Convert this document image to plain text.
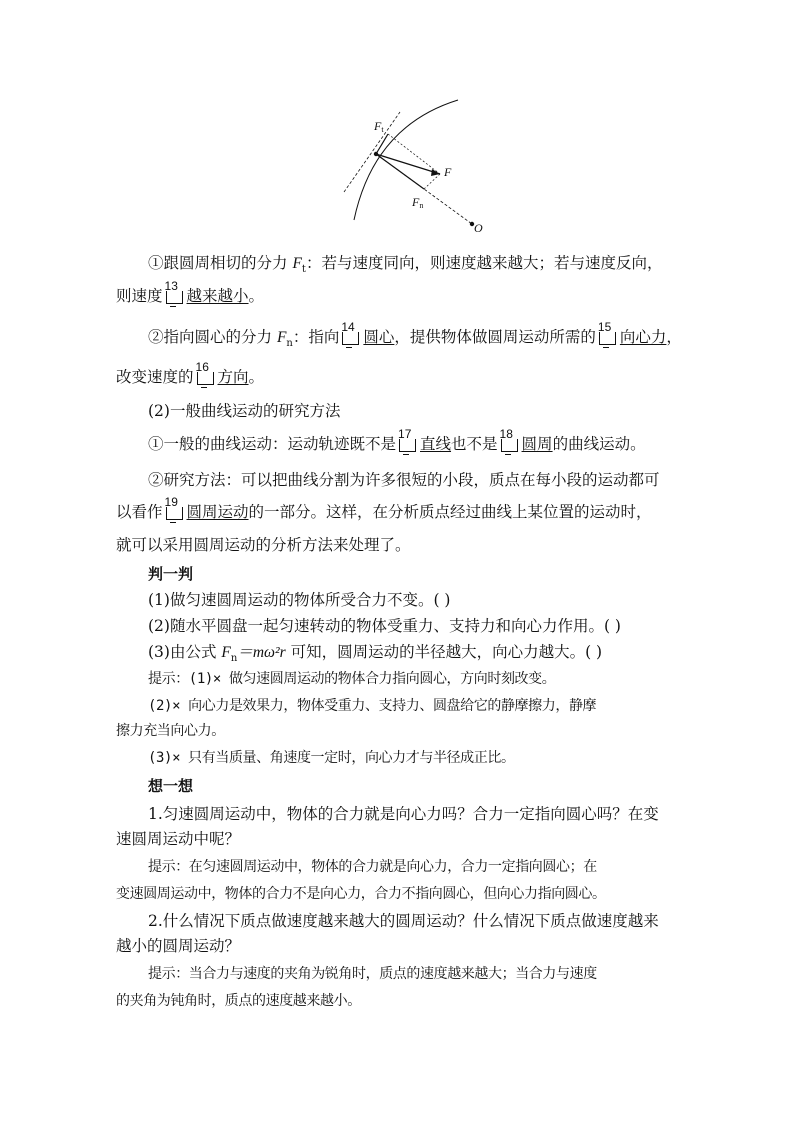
Ft
F
Fn
O
①跟圆周相切的分力 $F_t$：若与速度同向，则速度越来越大；若与速度反向，
则速度
13
越来越小。
②指向圆心的分力 $F_n$：指向
14
圆心，提供物体做圆周运动所需的
15
向心力，
改变速度的
16
方向。
(2)一般曲线运动的研究方法
①一般的曲线运动：运动轨迹既不是
17
直线也不是
18
圆周的曲线运动。
②研究方法：可以把曲线分割为许多很短的小段，质点在每小段的运动都可
以看作
19
圆周运动的一部分。这样，在分析质点经过曲线上某位置的运动时，
就可以采用圆周运动的分析方法来处理了。
判一判
(1)做匀速圆周运动的物体所受合力不变。( )
(2)随水平圆盘一起匀速转动的物体受重力、支持力和向心力作用。( )
(3)由公式 $F_n=m\omega^2r$ 可知，圆周运动的半径越大，向心力越大。( )
提示：(1)× 做匀速圆周运动的物体合力指向圆心，方向时刻改变。
(2)× 向心力是效果力，物体受重力、支持力、圆盘给它的静摩擦力，静摩
擦力充当向心力。
(3)× 只有当质量、角速度一定时，向心力才与半径成正比。
想一想
1.匀速圆周运动中，物体的合力就是向心力吗？合力一定指向圆心吗？在变
速圆周运动中呢？
提示：在匀速圆周运动中，物体的合力就是向心力，合力一定指向圆心；在
变速圆周运动中，物体的合力不是向心力，合力不指向圆心，但向心力指向圆心。
2.什么情况下质点做速度越来越大的圆周运动？什么情况下质点做速度越来
越小的圆周运动？
提示：当合力与速度的夹角为锐角时，质点的速度越来越大；当合力与速度
的夹角为钝角时，质点的速度越来越小。
